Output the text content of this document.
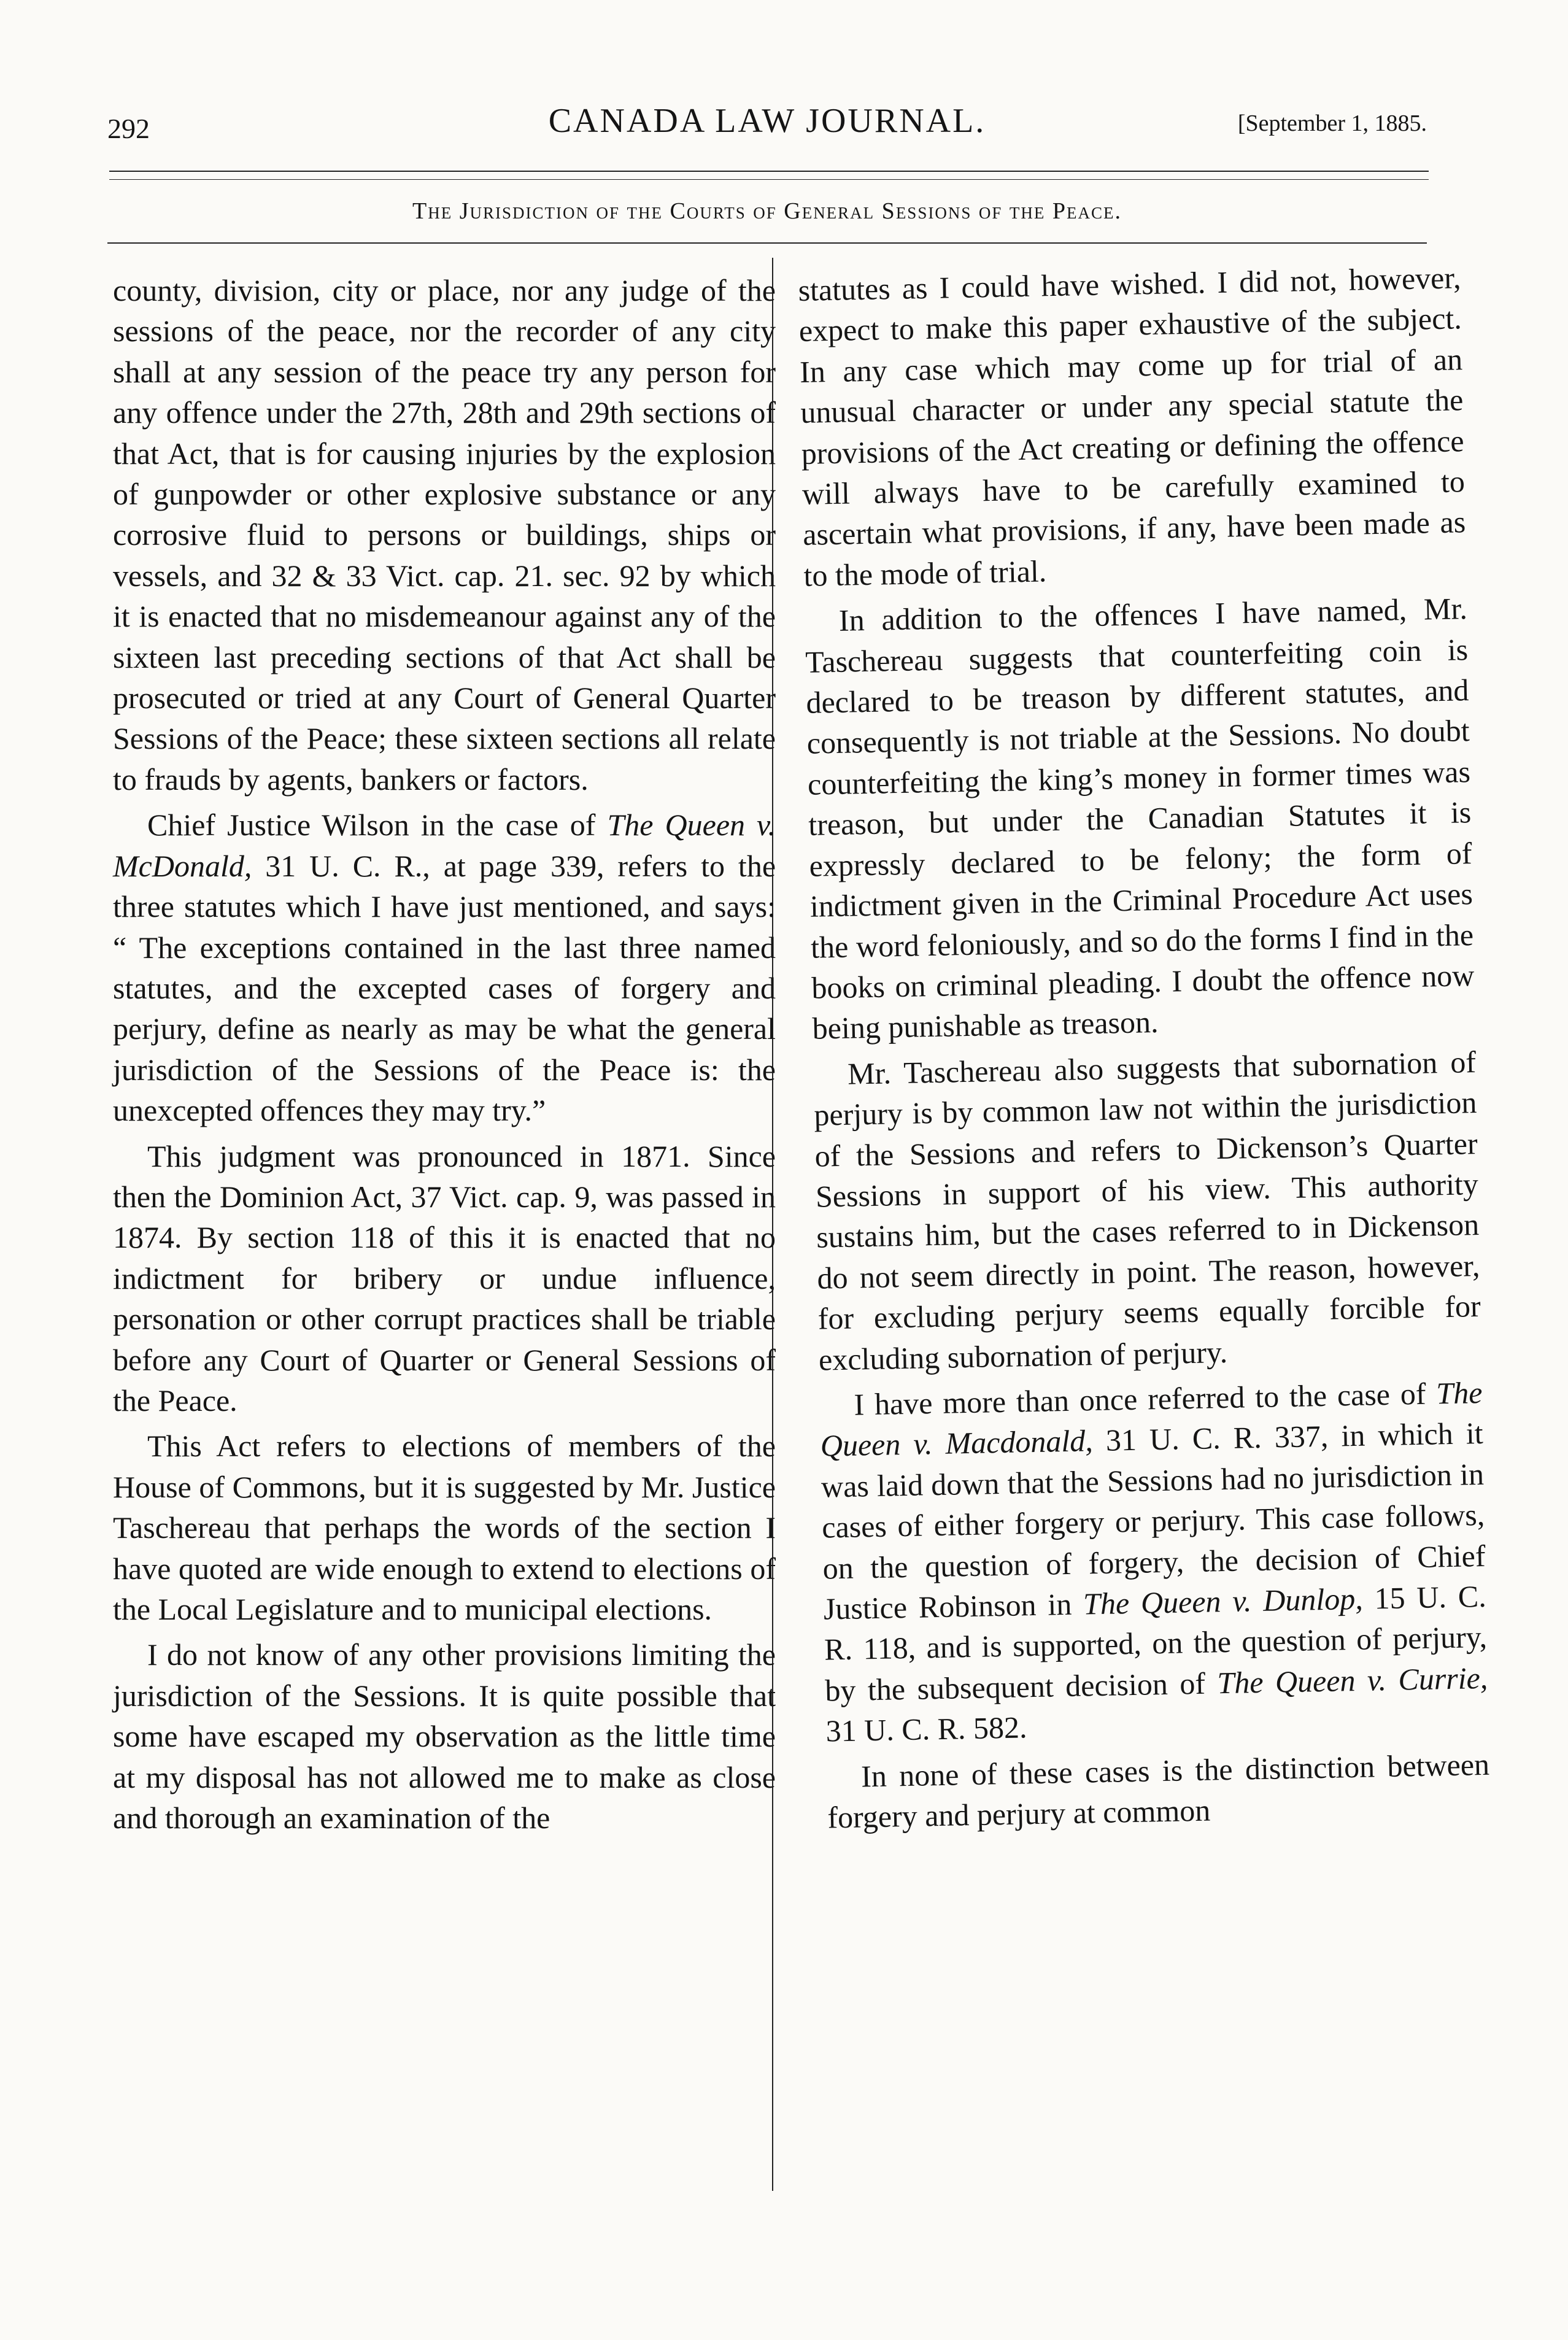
292	CANADA LAW JOURNAL.	[September 1, 1885.
The Jurisdiction of the Courts of General Sessions of the Peace.

county, division, city or place, nor any judge of the sessions of the peace, nor the recorder of any city shall at any session of the peace try any person for any offence under the 27th, 28th and 29th sections of that Act, that is for causing injuries by the explosion of gunpowder or other explosive substance or any corrosive fluid to persons or buildings, ships or vessels, and 32 & 33 Vict. cap. 21. sec. 92 by which it is enacted that no misdemeanour against any of the sixteen last preceding sections of that Act shall be prosecuted or tried at any Court of General Quarter Sessions of the Peace; these sixteen sections all relate to frauds by agents, bankers or factors.

Chief Justice Wilson in the case of The Queen v. McDonald, 31 U. C. R., at page 339, refers to the three statutes which I have just mentioned, and says: “ The exceptions contained in the last three named statutes, and the excepted cases of forgery and perjury, define as nearly as may be what the general jurisdiction of the Sessions of the Peace is: the unexcepted offences they may try.”

This judgment was pronounced in 1871. Since then the Dominion Act, 37 Vict. cap. 9, was passed in 1874. By section 118 of this it is enacted that no indictment for bribery or undue influence, personation or other corrupt practices shall be triable before any Court of Quarter or General Sessions of the Peace.

This Act refers to elections of members of the House of Commons, but it is suggested by Mr. Justice Taschereau that perhaps the words of the section I have quoted are wide enough to extend to elections of the Local Legislature and to municipal elections.

I do not know of any other provisions limiting the jurisdiction of the Sessions. It is quite possible that some have escaped my observation as the little time at my disposal has not allowed me to make as close and thorough an examination of the

statutes as I could have wished. I did not, however, expect to make this paper exhaustive of the subject. In any case which may come up for trial of an unusual character or under any special statute the provisions of the Act creating or defining the offence will always have to be carefully examined to ascertain what provisions, if any, have been made as to the mode of trial.

In addition to the offences I have named, Mr. Taschereau suggests that counterfeiting coin is declared to be treason by different statutes, and consequently is not triable at the Sessions. No doubt counterfeiting the king’s money in former times was treason, but under the Canadian Statutes it is expressly declared to be felony; the form of indictment given in the Criminal Procedure Act uses the word feloniously, and so do the forms I find in the books on criminal pleading. I doubt the offence now being punishable as treason.

Mr. Taschereau also suggests that subornation of perjury is by common law not within the jurisdiction of the Sessions and refers to Dickenson’s Quarter Sessions in support of his view. This authority sustains him, but the cases referred to in Dickenson do not seem directly in point. The reason, however, for excluding perjury seems equally forcible for excluding subornation of perjury.

I have more than once referred to the case of The Queen v. Macdonald, 31 U. C. R. 337, in which it was laid down that the Sessions had no jurisdiction in cases of either forgery or perjury. This case follows, on the question of forgery, the decision of Chief Justice Robinson in The Queen v. Dunlop, 15 U. C. R. 118, and is supported, on the question of perjury, by the subsequent decision of The Queen v. Currie, 31 U. C. R. 582.

In none of these cases is the distinction between forgery and perjury at common
